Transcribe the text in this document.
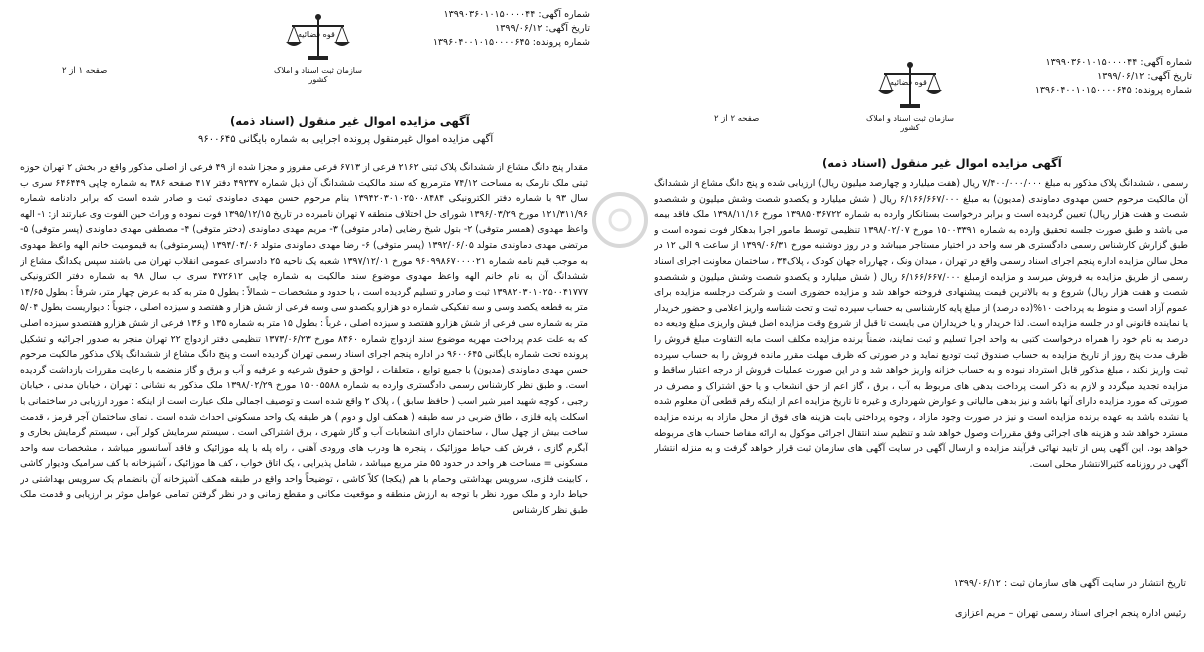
شماره آگهی: ۱۳۹۹۰۳۶۰۱۰۱۵۰۰۰۰۴۴
تاریخ آگهی: ۱۳۹۹/۰۶/۱۲
شماره پرونده: ۱۳۹۶۰۴۰۰۱۰۱۵۰۰۰۰۶۴۵
سازمان ثبت اسناد و املاک کشور
قوه قضائیه
صفحه ۱ از ۲
آگهی مزایده اموال غیر منقول (اسناد ذمه)
آگهی مزایده اموال غیرمنقول پرونده اجرایی به شماره بایگانی ۹۶۰۰۶۴۵
مقدار پنج دانگ مشاع از ششدانگ پلاک ثبتی ۲۱۶۲ فرعی از ۶۷۱۳ فرعی مفروز و مجزا شده از ۴۹ فرعی از اصلی مذکور واقع در بخش ۲ تهران حوزه ثبتی ملک نارمک به مساحت ۷۴/۱۲ مترمربع که سند مالکیت ششدانگ آن ذیل شماره ۴۹۲۳۷ دفتر ۴۱۷ صفحه ۳۸۶ به شماره چاپی ۶۴۶۴۴۹ سری ب سال ۹۳ با شماره دفتر الکترونیکی ۱۳۹۴۲۰۳۰۱۰۲۵۰۰۸۴۸۴ بنام مرحوم حسن مهدی دماوندی ثبت و صادر شده است که برابر دادنامه شماره ۱۲۱/۳۱۱/۹۶ مورخ ۱۳۹۶/۰۳/۲۹ شورای حل اختلاف منطقه ۷ تهران نامبرده در تاریخ ۱۳۹۵/۱۲/۱۵ فوت نموده و وراث حین الفوت وی عبارتند از: ۱- الهه واعظ مهدوی (همسر متوفی) ۲- بتول شیخ رضایی (مادر متوفی) ۳- مریم مهدی دماوندی (دختر متوفی) ۴- مصطفی مهدی دماوندی (پسر متوفی) ۵- مرتضی مهدی دماوندی متولد ۱۳۹۲/۰۶/۰۵ (پسر متوفی) ۶- رضا مهدی دماوندی متولد ۱۳۹۴/۰۴/۰۶ (پسرمتوفی) به قیمومیت خانم الهه واعظ مهدوی به موجب قیم نامه شماره ۹۶۰۹۹۸۶۷۰۰۰۰۲۱ مورخ ۱۳۹۷/۱۲/۰۱ شعبه یک ناحیه ۲۵ دادسرای عمومی انقلاب تهران می باشند سپس یکدانگ مشاع از ششدانگ آن به نام خانم الهه واعظ مهدوی موضوع سند مالکیت به شماره چاپی ۴۷۲۶۱۲ سری ب سال ۹۸ به شماره دفتر الکترونیکی ۱۳۹۸۲۰۳۰۱۰۲۵۰۰۴۱۷۷۷ ثبت و صادر و تسلیم گردیده است ، با حدود و مشخصات – شمالاً : بطول ۵ متر به کد به عرض چهار متر، شرقاً : بطول ۱۴/۶۵ متر به قطعه یکصد وسی و سه تفکیکی شماره دو هزارو یکصدو سی وسه فرعی از شش هزار و هفتصد و سیزده اصلی ، جنوباً : دیواریست بطول ۵/۰۴ متر به شماره سی فرعی از شش هزارو هفتصد و سیزده اصلی ، غرباً : بطول ۱۵ متر به شماره ۱۳۵ و ۱۳۶ فرعی از شش هزارو هفتصدو سیزده اصلی که به علت عدم پرداخت مهریه موضوع سند ازدواج شماره ۸۴۶۰ مورخ ۱۳۷۳/۰۶/۲۳ تنظیمی دفتر ازدواج ۲۲ تهران منجر به صدور اجرائیه و تشکیل پرونده تحت شماره بایگانی ۹۶۰۰۶۴۵ در اداره پنجم اجرای اسناد رسمی تهران گردیده است و پنج دانگ مشاع از ششدانگ پلاک مذکور مالکیت مرحوم حسن مهدی دماوندی (مدیون) با جمیع توابع ، متعلقات ، لواحق و حقوق شرعیه و عرفیه و آب و برق و گاز منضمه با رعایت مقررات بازداشت گردیده است. و طبق نظر کارشناس رسمی دادگستری وارده به شماره ۱۵۰۰۵۵۸۸ مورخ ۱۳۹۸/۰۲/۲۹ ملک مذکور به نشانی : تهران ، خیابان مدنی ، خیابان رجبی ، کوچه شهید امیر شیر اسب ( حافظ سابق ) ، پلاک ۲ واقع شده است و توصیف اجمالی ملک عبارت است از اینکه : مورد ارزیابی در ساختمانی با اسکلت پایه فلزی ، طاق ضربی در سه طبقه ( همکف اول و دوم ) هر طبقه یک واحد مسکونی احداث شده است . نمای ساختمان آجر قرمز ، قدمت ساخت بیش از چهل سال ، ساختمان دارای انشعابات آب و گاز شهری ، برق اشتراکی است . سیستم سرمایش کولر آبی ، سیستم گرمایش بخاری و آبگرم گازی ، فرش کف حیاط موزائیک ، پنجره ها ودرب های ورودی آهنی ، راه پله با پله موزائیک و فاقد آسانسور میباشد ، مشخصات سه واحد مسکونی = مساحت هر واحد در حدود ۵۵ متر مربع میباشد ، شامل پذیرایی ، یک اتاق خواب ، کف ها موزائیک ، آشپزخانه با کف سرامیک ودیوار کاشی ، کابینت فلزی، سرویس بهداشتی وحمام با هم (یکجا) کلاً کاشی ، توضیحاً واحد واقع در طبقه همکف آشپزخانه آن بانضمام یک سرویس بهداشتی در حیاط دارد و ملک مورد نظر با توجه به ارزش منطقه و موقعیت مکانی و مقطع زمانی و در نظر گرفتن تمامی عوامل موثر بر ارزیابی و قدمت ملک طبق نظر کارشناس
شماره آگهی: ۱۳۹۹۰۳۶۰۱۰۱۵۰۰۰۰۴۴
تاریخ آگهی: ۱۳۹۹/۰۶/۱۲
شماره پرونده: ۱۳۹۶۰۴۰۰۱۰۱۵۰۰۰۰۶۴۵
سازمان ثبت اسناد و املاک کشور
قوه قضائیه
صفحه ۲ از ۲
آگهی مزایده اموال غیر منقول (اسناد ذمه)
رسمی ، ششدانگ پلاک مذکور به مبلغ ۷/۴۰۰/۰۰۰/۰۰۰ ریال (هفت میلیارد و چهارصد میلیون ریال) ارزیابی شده و پنج دانگ مشاع از ششدانگ آن مالکیت مرحوم حسن مهدوی دماوندی (مدیون) به مبلغ ۶/۱۶۶/۶۶۷/۰۰۰ ریال ( شش میلیارد و یکصدو شصت وشش میلیون و ششصدو شصت و هفت هزار ریال) تعیین گردیده است و برابر درخواست بستانکار وارده به شماره ۱۳۹۸۵۰۳۶۷۲۲ مورخ ۱۳۹۸/۱۱/۱۶ ملک فاقد بیمه می باشد و طبق صورت جلسه تحقیق وارده به شماره ۱۵۰۰۳۳۹۱ مورخ ۱۳۹۸/۰۲/۰۷ تنظیمی توسط مامور اجرا بدهکار فوت نموده است و طبق گزارش کارشناس رسمی دادگستری هر سه واحد در اختیار مستاجر میباشد و در روز دوشنبه مورخ ۱۳۹۹/۰۶/۳۱ از ساعت ۹ الی ۱۲ در محل سالن مزایده اداره پنجم اجرای اسناد رسمی واقع در تهران ، میدان ونک ، چهارراه جهان کودک ، پلاک۳۴ ، ساختمان معاونت اجرای اسناد رسمی از طریق مزایده به فروش میرسد و مزایده ازمبلغ ۶/۱۶۶/۶۶۷/۰۰۰ ریال ( شش میلیارد و یکصدو شصت وشش میلیون و ششصدو شصت و هفت هزار ریال) شروع و به بالاترین قیمت پیشنهادی فروخته خواهد شد و مزایده حضوری است و شرکت درجلسه مزایده برای عموم آزاد است و منوط به پرداخت ۱۰%(ده درصد) از مبلغ پایه کارشناسی به حساب سپرده ثبت و تحت شناسه واریز اعلامی و حضور خریدار یا نماینده قانونی او در جلسه مزایده است. لذا خریدار و یا خریداران می بایست تا قبل از شروع وقت مزایده اصل فیش واریزی مبلغ ودیعه ده درصد به نام خود را همراه درخواست کتبی به واحد اجرا تسلیم و ثبت نمایند، ضمناً برنده مزایده مکلف است مابه التفاوت مبلغ فروش را ظرف مدت پنج روز از تاریخ مزایده به حساب صندوق ثبت تودیع نماید و در صورتی که ظرف مهلت مقرر مانده فروش را به حساب سپرده ثبت واریز نکند ، مبلغ مذکور قابل استرداد نبوده و به حساب خزانه واریز خواهد شد و در این صورت عملیات فروش از درجه اعتبار ساقط و مزایده تجدید میگردد و لازم به ذکر است پرداخت بدهی های مربوط به آب ، برق ، گاز اعم از حق انشعاب و یا حق اشتراک و مصرف در صورتی که مورد مزایده دارای آنها باشد و نیز بدهی مالیاتی و عوارض شهرداری و غیره تا تاریخ مزایده اعم از اینکه رقم قطعی آن معلوم شده یا نشده باشد به عهده برنده مزایده است و نیز در صورت وجود مازاد ، وجوه پرداختی بابت هزینه های فوق از محل مازاد به برنده مزایده مسترد خواهد شد و هزینه های اجرائی وفق مقررات وصول خواهد شد و تنظیم سند انتقال اجرائی موکول به ارائه مفاصا حساب های مربوطه خواهد بود. این آگهی پس از تایید نهائی فرآیند مزایده و ارسال آگهی در سایت آگهی های سازمان ثبت قرار خواهد گرفت و به منزله انتشار آگهی در روزنامه کثیرالانتشار محلی است.
تاریخ انتشار در سایت آگهی های سازمان ثبت : ۱۳۹۹/۰۶/۱۲
رئیس اداره پنجم اجرای اسناد رسمی تهران – مریم اعزازی
